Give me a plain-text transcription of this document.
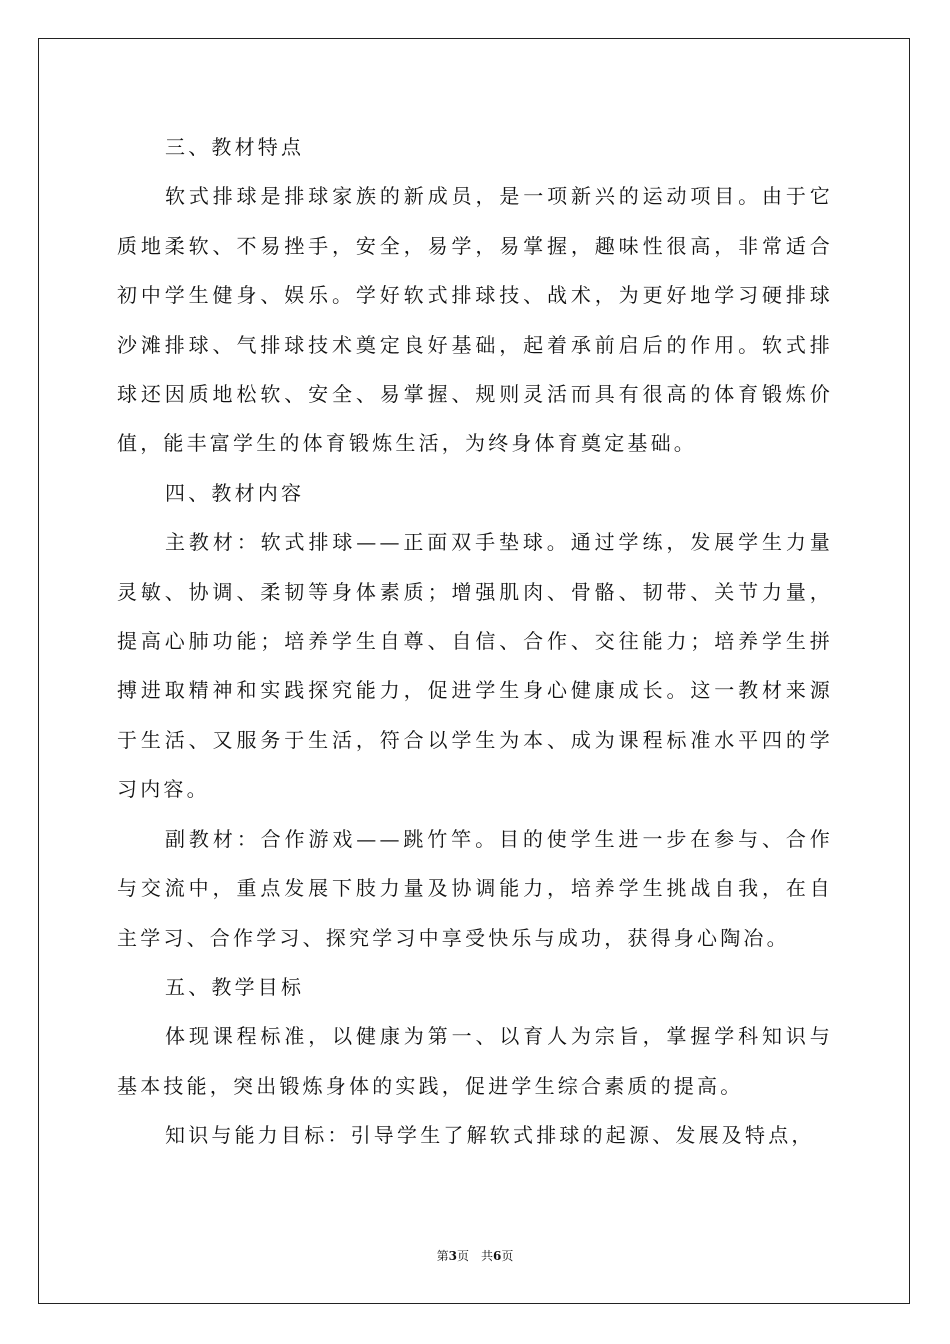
三、教材特点

软式排球是排球家族的新成员，是一项新兴的运动项目。由于它质地柔软、不易挫手，安全，易学，易掌握，趣味性很高，非常适合初中学生健身、娱乐。学好软式排球技、战术，为更好地学习硬排球沙滩排球、气排球技术奠定良好基础，起着承前启后的作用。软式排球还因质地松软、安全、易掌握、规则灵活而具有很高的体育锻炼价值，能丰富学生的体育锻炼生活，为终身体育奠定基础。

四、教材内容

主教材：软式排球——正面双手垫球。通过学练，发展学生力量灵敏、协调、柔韧等身体素质；增强肌肉、骨骼、韧带、关节力量，提高心肺功能；培养学生自尊、自信、合作、交往能力；培养学生拼搏进取精神和实践探究能力，促进学生身心健康成长。这一教材来源于生活、又服务于生活，符合以学生为本、成为课程标准水平四的学习内容。

副教材：合作游戏——跳竹竿。目的使学生进一步在参与、合作与交流中，重点发展下肢力量及协调能力，培养学生挑战自我，在自主学习、合作学习、探究学习中享受快乐与成功，获得身心陶冶。

五、教学目标

体现课程标准，以健康为第一、以育人为宗旨，掌握学科知识与基本技能，突出锻炼身体的实践，促进学生综合素质的提高。

知识与能力目标：引导学生了解软式排球的起源、发展及特点，

第3页　共6页
